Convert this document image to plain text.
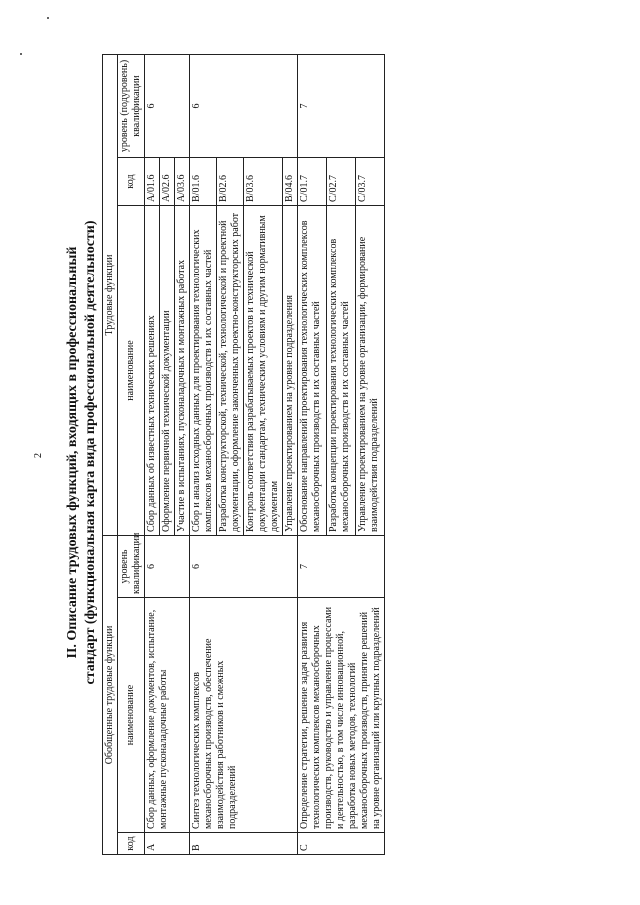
2 II. Описание трудовых функций, входящих в профессиональный стандарт (функциональная карта вида профессиональной деятельности)
Обобщенные трудовые функции			Трудовые функции		
код	наименование	уровень квалификации	наименование	код	уровень (подуровень) квалификации
A	Сбор данных, оформление документов, испытание, монтажные пусконаладочные работы	6	Сбор данных об известных технических решениях	A/01.6	6
			Оформление первичной технической документации	A/02.6	
			Участие в испытаниях, пусконаладочных и монтажных работах	A/03.6	
B	Синтез технологических комплексов механосборочных производств, обеспечение взаимодействия работников и смежных подразделений	6	Сбор и анализ исходных данных для проектирования технологических комплексов механосборочных производств и их составных частей	B/01.6	6
			Разработка конструкторской, технической, технологической и проектной документации, оформление законченных проектно-конструкторских работ	B/02.6	
			Контроль соответствия разрабатываемых проектов и технической документации стандартам, техническим условиям и другим нормативным документам	B/03.6	
			Управление проектированием на уровне подразделения	B/04.6	
C	Определение стратегии, решение задач развития технологических комплексов механосборочных производств, руководство и управление процессами и деятельностью, в том числе инновационной, разработка новых методов, технологий механосборочных производств, принятие решений на уровне организаций или крупных подразделений	7	Обоснование направлений проектирования технологических комплексов механосборочных производств и их составных частей	C/01.7	7
			Разработка концепции проектирования технологических комплексов механосборочных производств и их составных частей	C/02.7	
			Управление проектированием на уровне организации, формирование взаимодействия подразделений	C/03.7	
